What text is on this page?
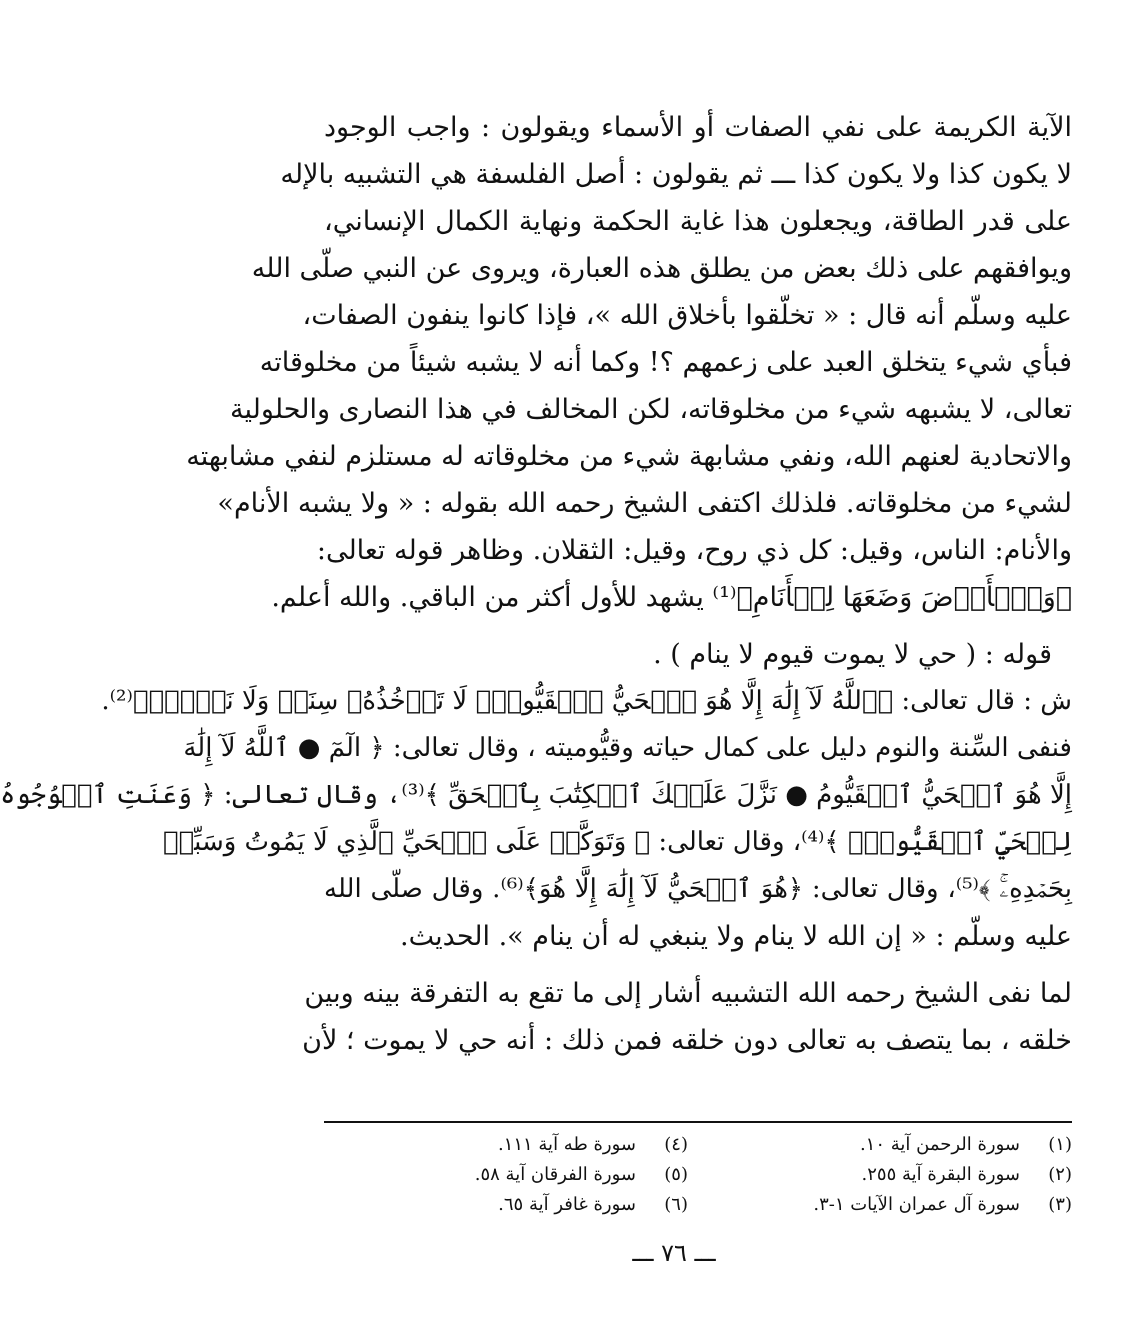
الآية الكريمة على نفي الصفات أو الأسماء ويقولون : واجب الوجود
لا يكون كذا ولا يكون كذا ـــ ثم يقولون : أصل الفلسفة هي التشبيه بالإله
على قدر الطاقة، ويجعلون هذا غاية الحكمة ونهاية الكمال الإنساني،
ويوافقهم على ذلك بعض من يطلق هذه العبارة، ويروى عن النبي صلّى الله
عليه وسلّم أنه قال : « تخلّقوا بأخلاق الله »، فإذا كانوا ينفون الصفات،
فبأي شيء يتخلق العبد على زعمهم ؟! وكما أنه لا يشبه شيئاً من مخلوقاته
تعالى، لا يشبهه شيء من مخلوقاته، لكن المخالف في هذا النصارى والحلولية
والاتحادية لعنهم الله، ونفي مشابهة شيء من مخلوقاته له مستلزم لنفي مشابهته
لشيء من مخلوقاته. فلذلك اكتفى الشيخ رحمه الله بقوله : « ولا يشبه الأنام»
والأنام: الناس، وقيل: كل ذي روح، وقيل: الثقلان. وظاهر قوله تعالى:
﴿وَٱلۡأَرۡضَ وَضَعَهَا لِلۡأَنَامِ﴾⁽¹⁾ يشهد للأول أكثر من الباقي. والله أعلم.
قوله : ( حي لا يموت قيوم لا ينام ) .
ش : قال تعالى: ﴿ٱللَّهُ لَآ إِلَٰهَ إِلَّا هُوَ ٱلۡحَيُّ ٱلۡقَيُّومُۚ لَا تَأۡخُذُهُۥ سِنَةٞ وَلَا نَوۡمٞۚ﴾⁽²⁾.
فنفى السِّنة والنوم دليل على كمال حياته وقيُّوميته ، وقال تعالى: ﴿ الٓمٓ ● ٱللَّهُ لَآ إِلَٰهَ
إِلَّا هُوَ ٱلۡحَيُّ ٱلۡقَيُّومُ ● نَزَّلَ عَلَيۡكَ ٱلۡكِتَٰبَ بِٱلۡحَقِّ ﴾⁽³⁾، وقال تعالى: ﴿ وَعَنَتِ ٱلۡوُجُوهُ
لِلۡحَيِّ ٱلۡقَيُّومِۖ ﴾⁽⁴⁾، وقال تعالى: ﴿ وَتَوَكَّلۡ عَلَى ٱلۡحَيِّ ٱلَّذِي لَا يَمُوتُ وَسَبِّحۡ
بِحَمۡدِهِۦۚ ﴾⁽⁵⁾، وقال تعالى: ﴿هُوَ ٱلۡحَيُّ لَآ إِلَٰهَ إِلَّا هُوَ﴾⁽⁶⁾. وقال صلّى الله
عليه وسلّم : « إن الله لا ينام ولا ينبغي له أن ينام ». الحديث.
لما نفى الشيخ رحمه الله التشبيه أشار إلى ما تقع به التفرقة بينه وبين
خلقه ، بما يتصف به تعالى دون خلقه فمن ذلك : أنه حي لا يموت ؛ لأن
(١)
سورة الرحمن آية ١٠.
(٤)
سورة طه آية ١١١.
(٢)
سورة البقرة آية ٢٥٥.
(٥)
سورة الفرقان آية ٥٨.
(٣)
سورة آل عمران الآيات ١-٣.
(٦)
سورة غافر آية ٦٥.
ـــ ٧٦ ـــ
